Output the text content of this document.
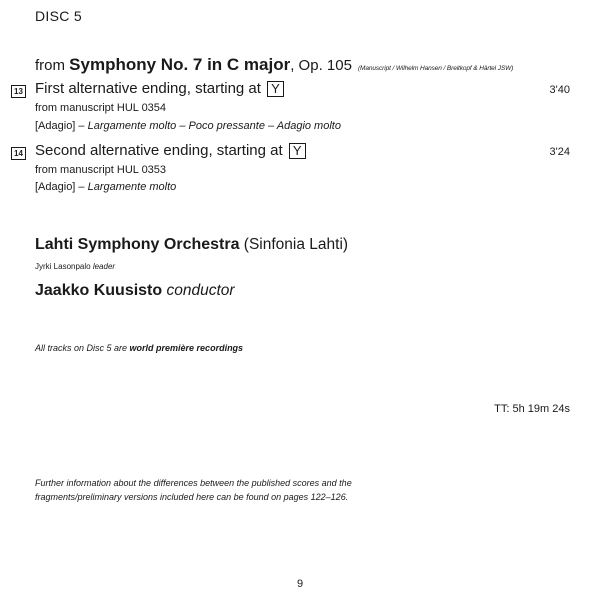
DISC 5
from Symphony No. 7 in C major, Op. 105 (Manuscript / Wilhelm Hansen / Breitkopf & Härtel JSW)
13 First alternative ending, starting at Y	3'40
from manuscript HUL 0354
[Adagio] – Largamente molto – Poco pressante – Adagio molto
14 Second alternative ending, starting at Y	3'24
from manuscript HUL 0353
[Adagio] – Largamente molto
Lahti Symphony Orchestra (Sinfonia Lahti)
Jyrki Lasonpalo leader
Jaakko Kuusisto conductor
All tracks on Disc 5 are world première recordings
TT: 5h 19m 24s
Further information about the differences between the published scores and the
fragments/preliminary versions included here can be found on pages 122–126.
9
